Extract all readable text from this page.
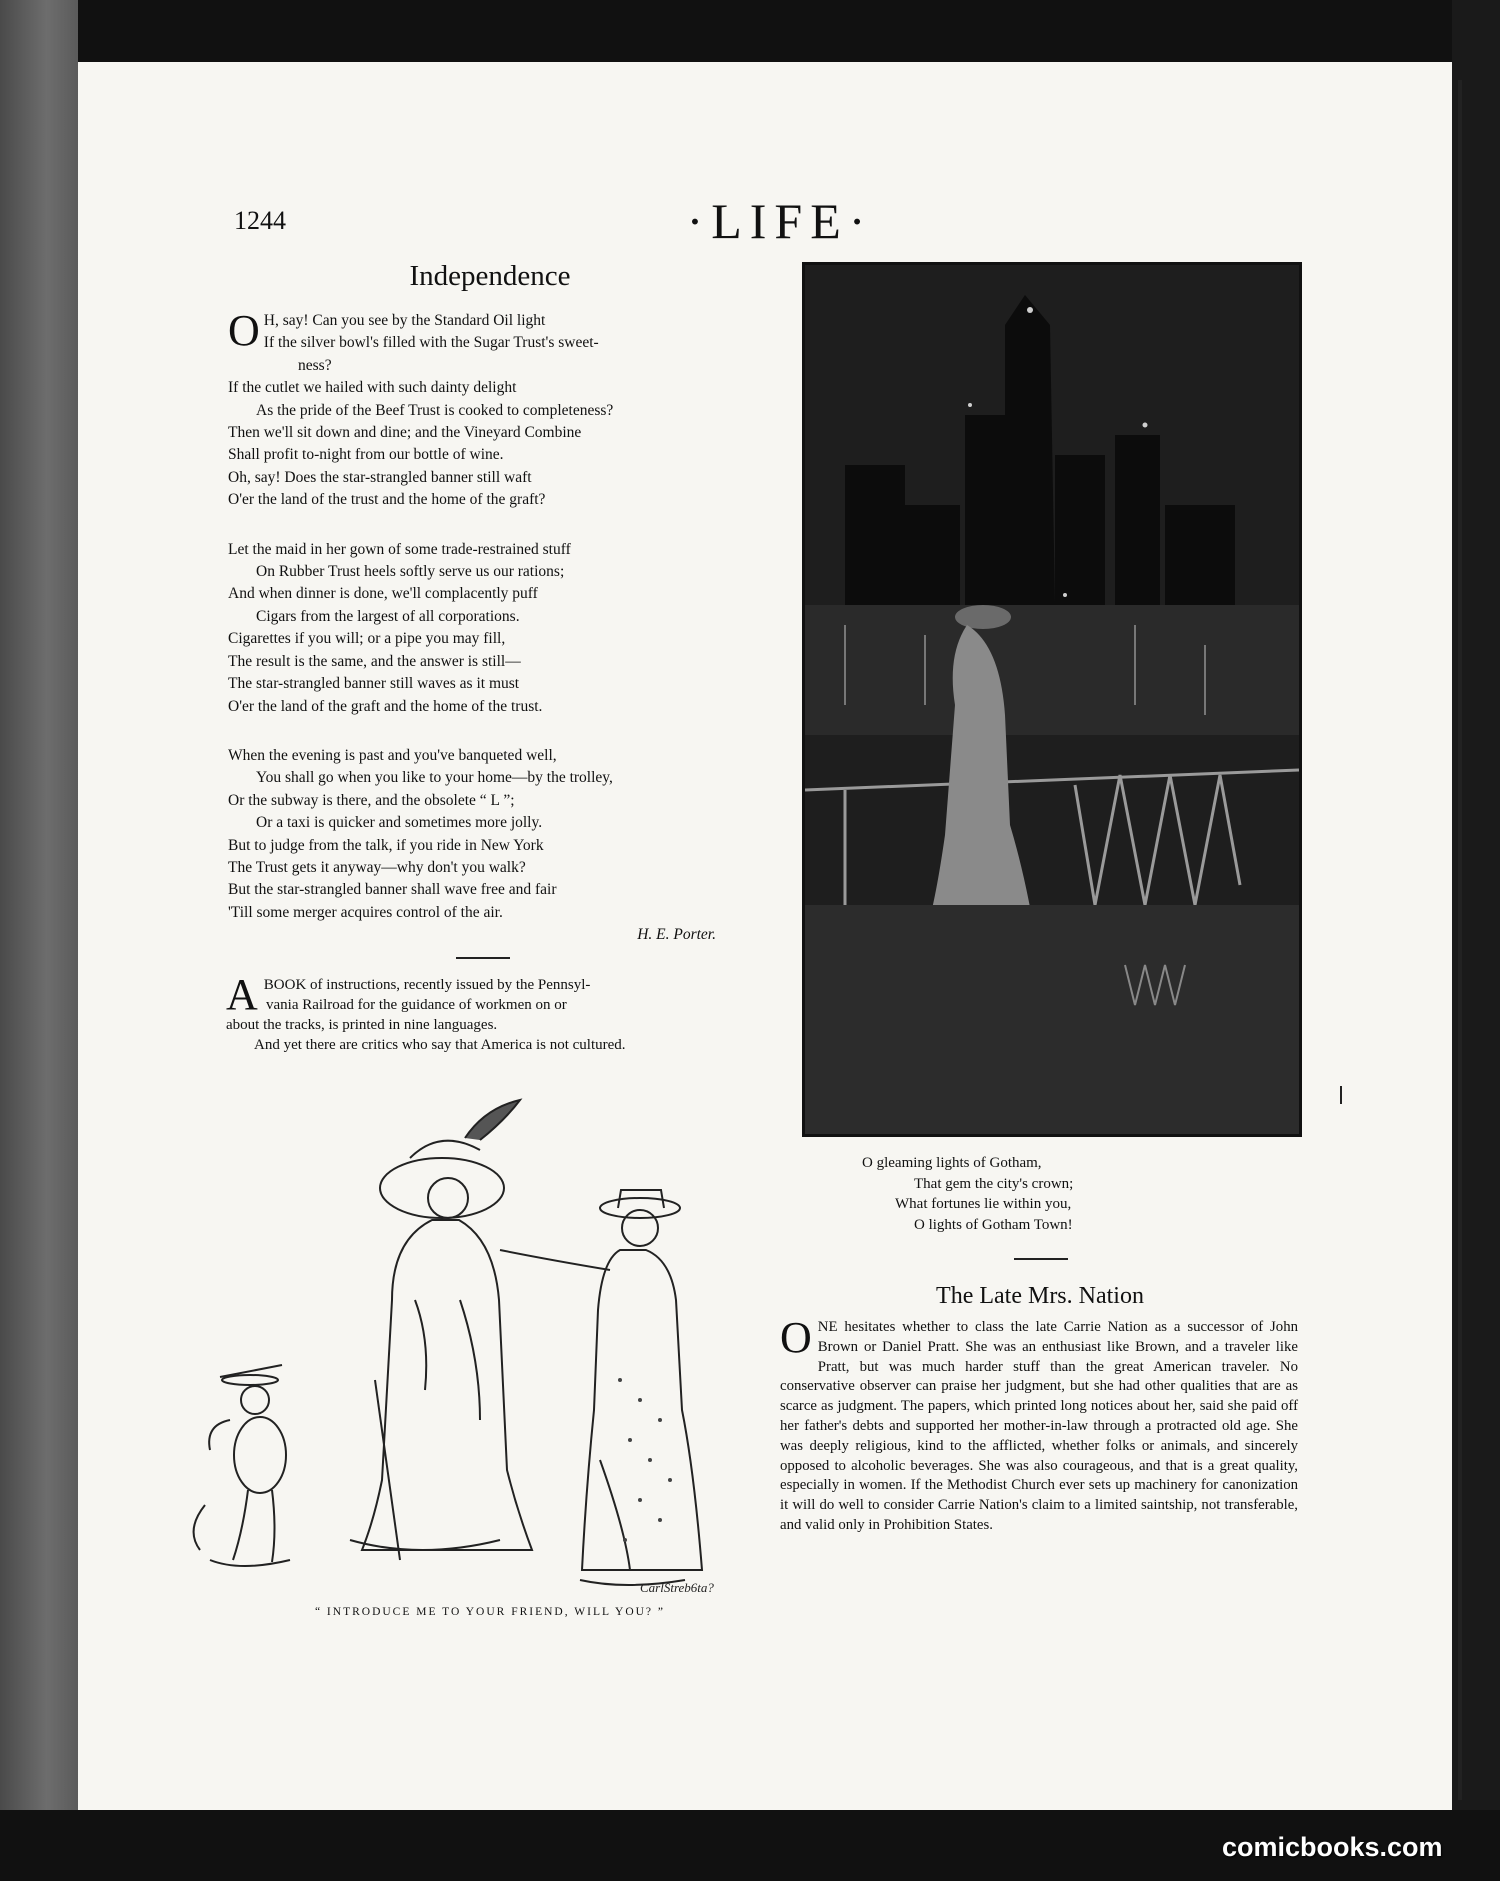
1244	·LIFE·
Independence
O H, say! Can you see by the Standard Oil light
If the silver bowl's filled with the Sugar Trust's sweet-
ness?
If the cutlet we hailed with such dainty delight
As the pride of the Beef Trust is cooked to completeness?
Then we'll sit down and dine; and the Vineyard Combine
Shall profit to-night from our bottle of wine.
Oh, say! Does the star-strangled banner still waft
O'er the land of the trust and the home of the graft?
Let the maid in her gown of some trade-restrained stuff
On Rubber Trust heels softly serve us our rations;
And when dinner is done, we'll complacently puff
Cigars from the largest of all corporations.
Cigarettes if you will; or a pipe you may fill,
The result is the same, and the answer is still—
The star-strangled banner still waves as it must
O'er the land of the graft and the home of the trust.
When the evening is past and you've banqueted well,
You shall go when you like to your home—by the trolley,
Or the subway is there, and the obsolete “ L ”;
Or a taxi is quicker and sometimes more jolly.
But to judge from the talk, if you ride in New York
The Trust gets it anyway—why don't you walk?
But the star-strangled banner shall wave free and fair
'Till some merger acquires control of the air.
H. E. Porter.
A BOOK of instructions, recently issued by the Pennsyl-
vania Railroad for the guidance of workmen on or
about the tracks, is printed in nine languages.

And yet there are critics who say that America is not cultured.

CarlStreb6ta?
“ INTRODUCE ME TO YOUR FRIEND, WILL YOU? ”
O gleaming lights of Gotham,
That gem the city's crown;
What fortunes lie within you,
O lights of Gotham Town!
The Late Mrs. Nation
O NE hesitates whether to class the late Carrie Nation as a successor of John Brown or Daniel Pratt. She was an enthusiast like Brown, and a traveler like Pratt, but was much harder stuff than the great American traveler. No conservative observer can praise her judgment, but she had other qualities that are as scarce as judgment. The papers, which printed long notices about her, said she paid off her father's debts and supported her mother-in-law through a protracted old age. She was deeply religious, kind to the afflicted, whether folks or animals, and sincerely opposed to alcoholic beverages. She was also courageous, and that is a great quality, especially in women. If the Methodist Church ever sets up machinery for canonization it will do well to consider Carrie Nation's claim to a limited saintship, not transferable, and valid only in Prohibition States.
comicbooks.com
